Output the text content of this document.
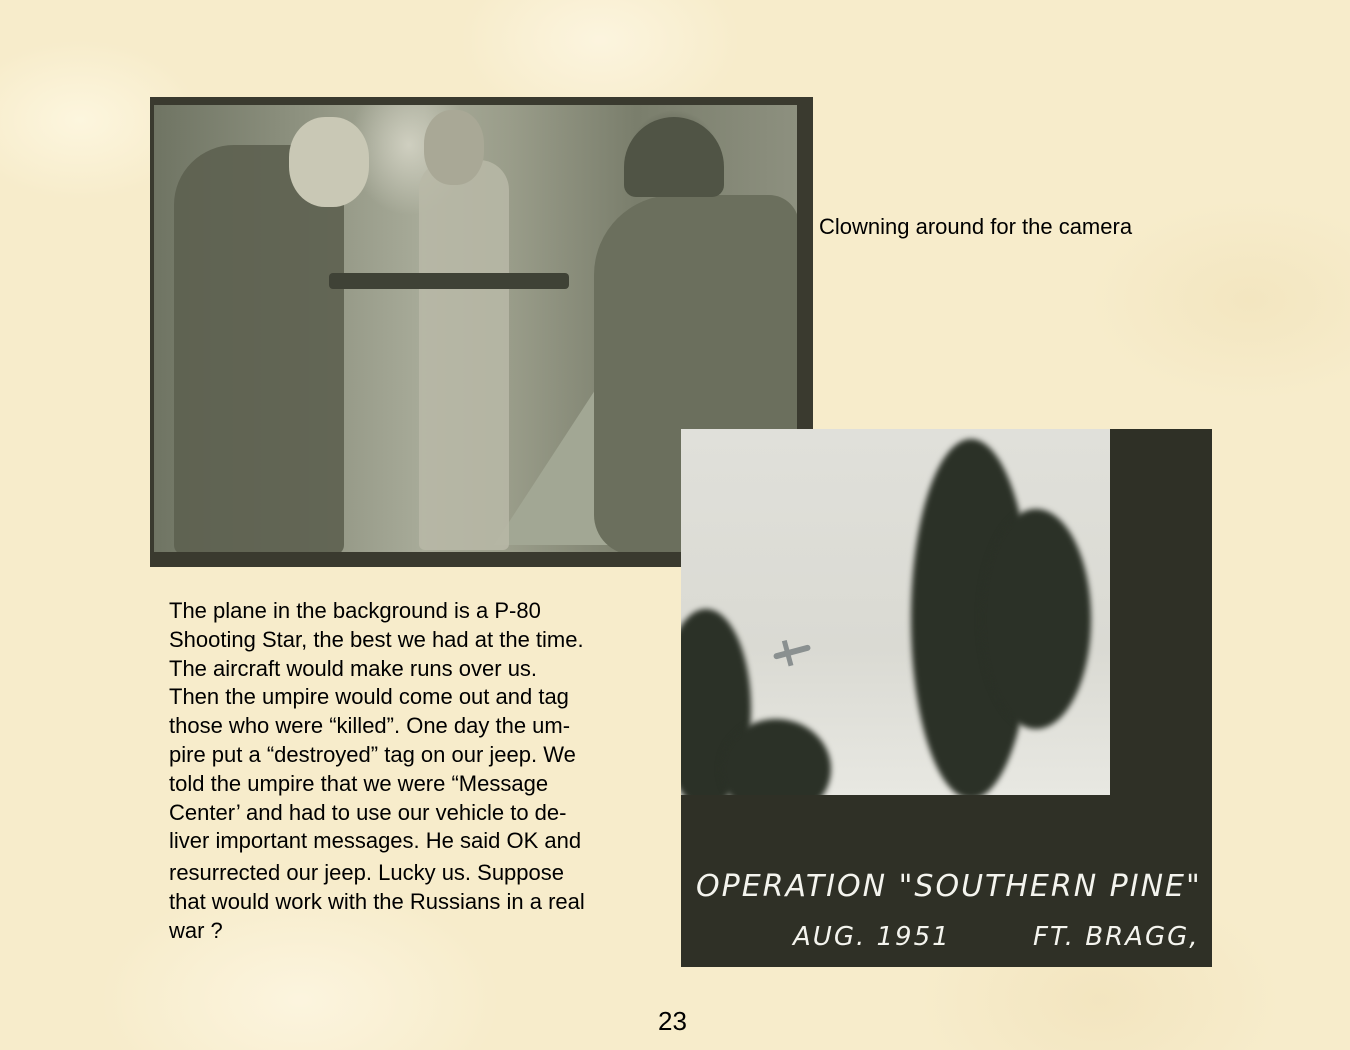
Clowning around for the camera
OPERATION "SOUTHERN PINE"
AUG. 1951	FT. BRAGG,
The plane in the background is a P-80
Shooting Star, the best we had at the time.
The aircraft would make runs over us.
Then the umpire would come out and tag
those who were “killed”. One day the um-
pire put a “destroyed” tag on our jeep. We
told the umpire that we were “Message
Center’ and had to use our vehicle to de-
liver important messages. He said OK and
resurrected our jeep. Lucky us. Suppose
that would work with the Russians in a real
war ?
23
